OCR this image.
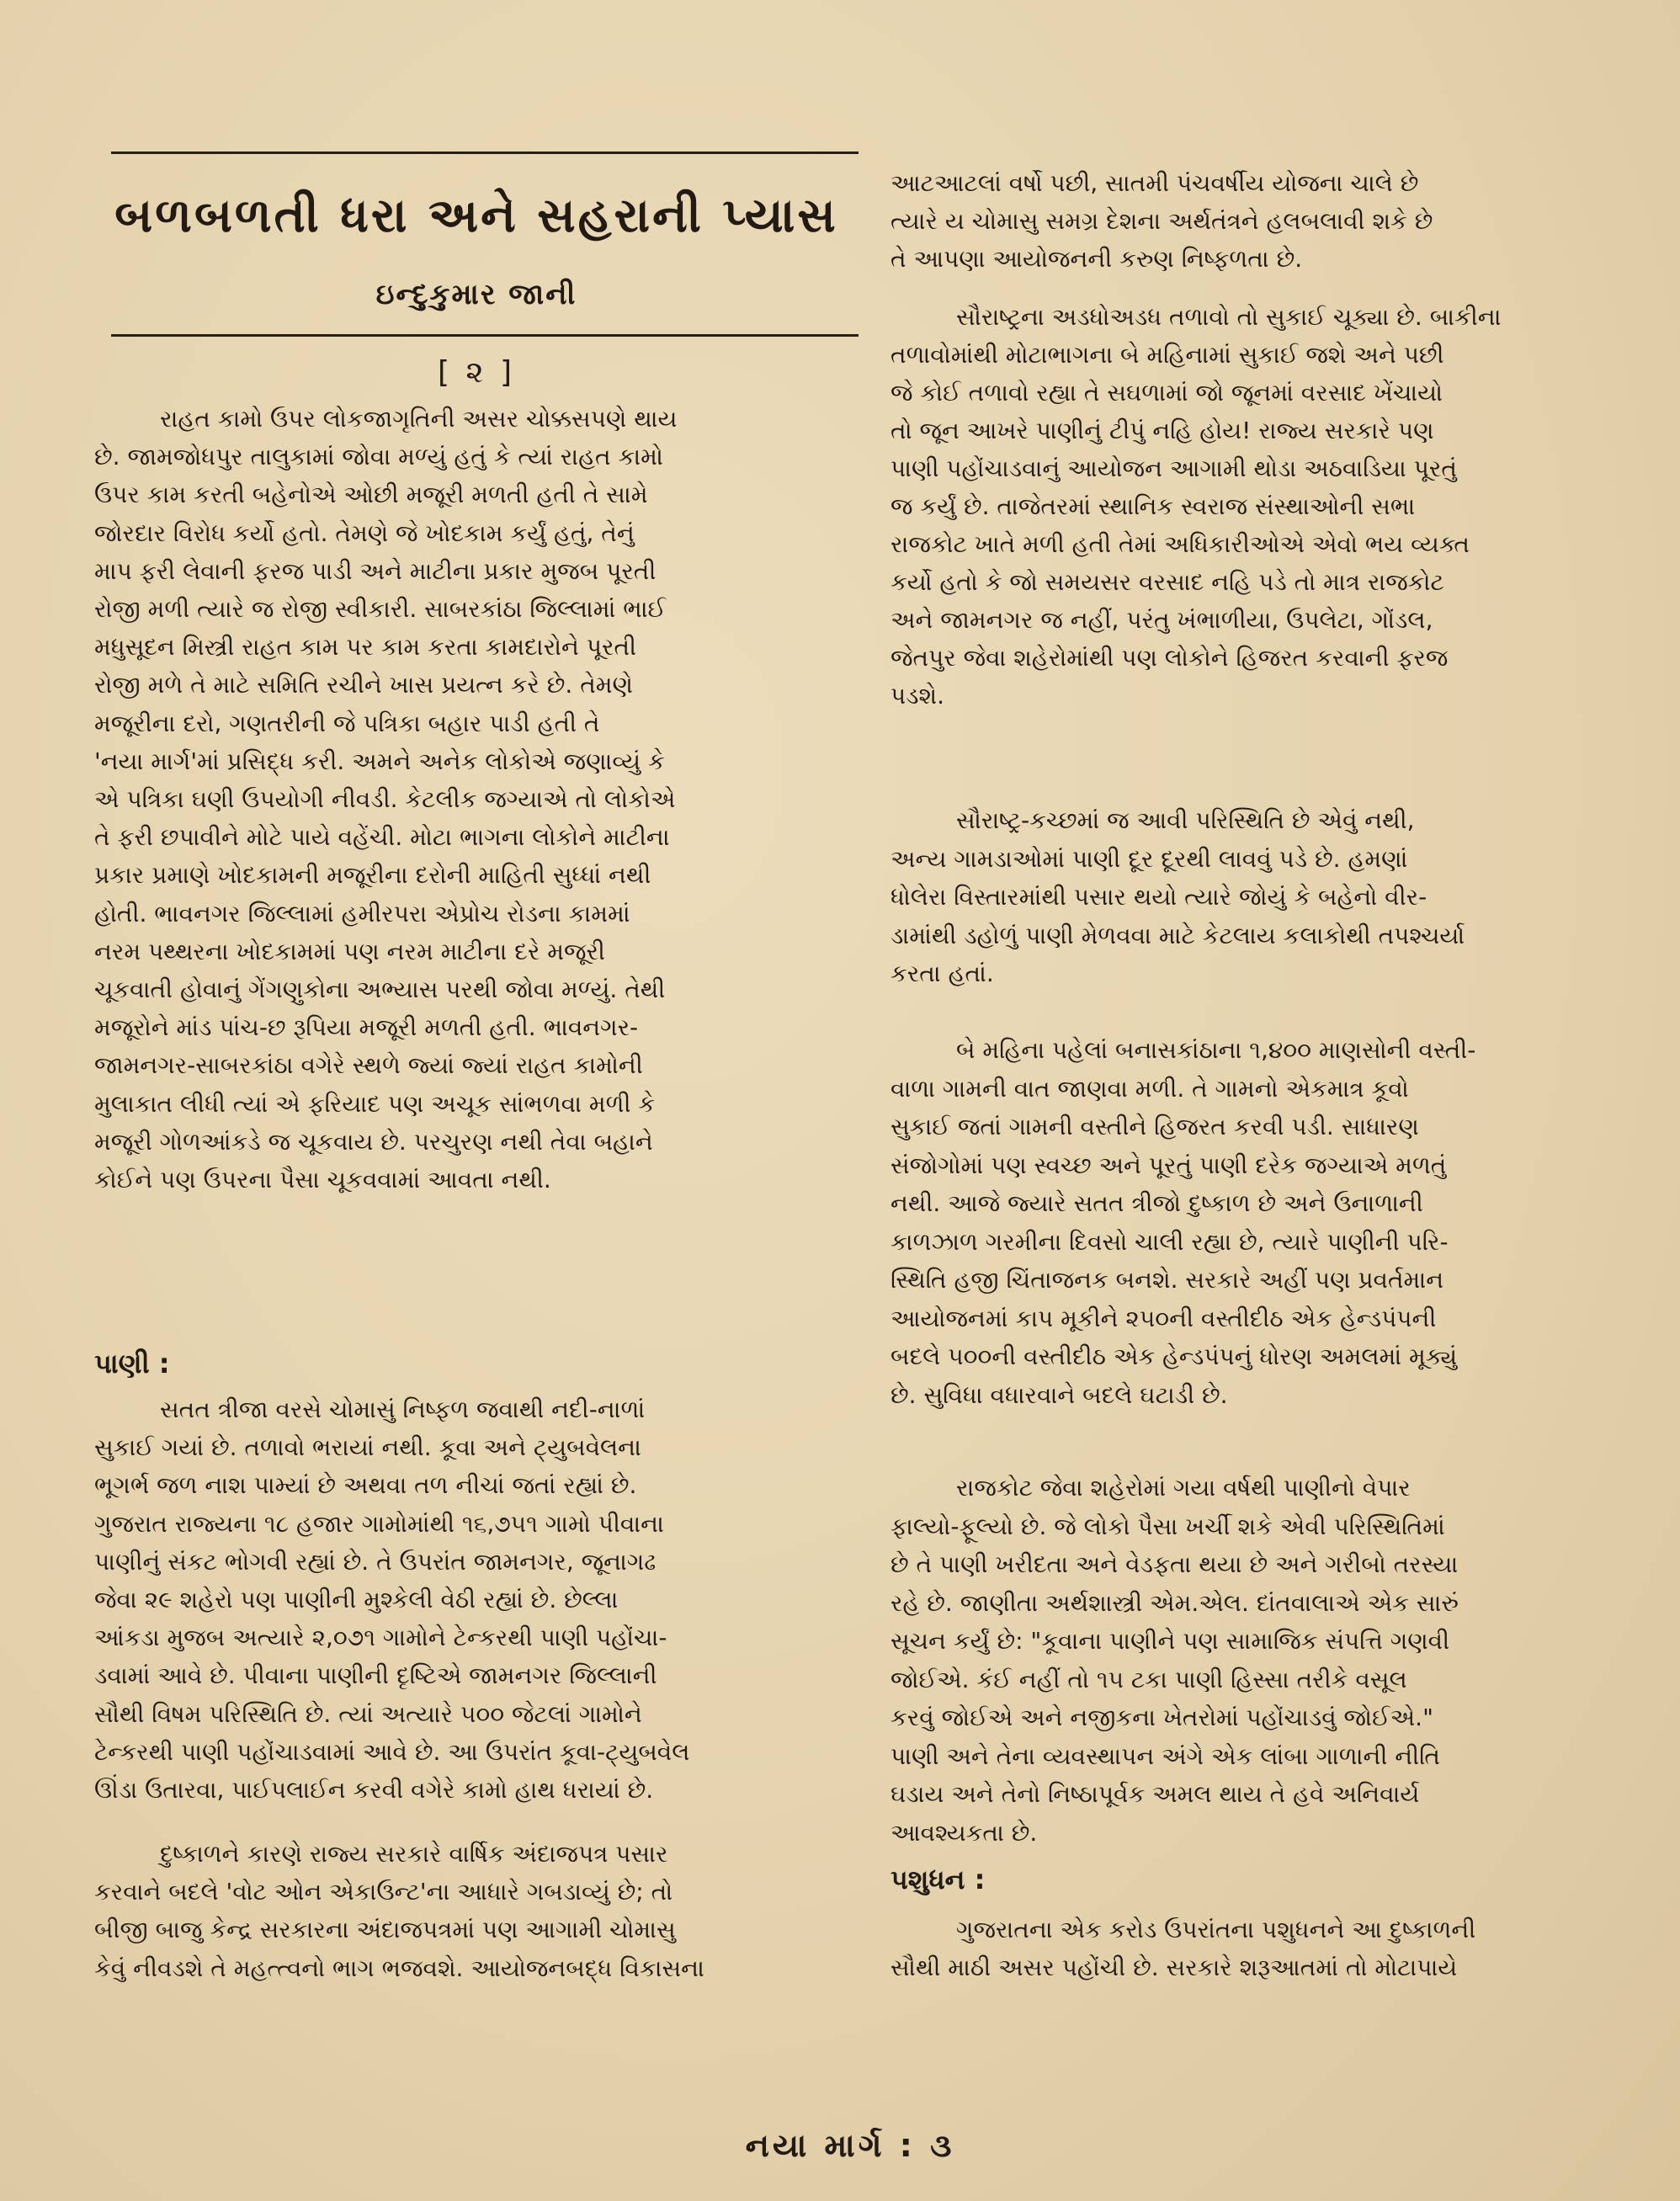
બળબળતી ધરા અને સહરાની પ્યાસ
ઇન્દુકુમાર જાની
[ ૨ ]
રાહત કામો ઉપર લોકજાગૃતિની અસર ચોક્કસપણે થાય
છે. જામજોધપુર તાલુકામાં જોવા મળ્યું હતું કે ત્યાં રાહત કામો
ઉપર કામ કરતી બહેનોએ ઓછી મજૂરી મળતી હતી તે સામે
જોરદાર વિરોધ કર્યો હતો. તેમણે જે ખોદકામ કર્યું હતું, તેનું
માપ ફરી લેવાની ફરજ પાડી અને માટીના પ્રકાર મુજબ પૂરતી
રોજી મળી ત્યારે જ રોજી સ્વીકારી. સાબરકાંઠા જિલ્લામાં ભાઈ
મધુસૂદન મિસ્ત્રી રાહત કામ પર કામ કરતા કામદારોને પૂરતી
રોજી મળે તે માટે સમિતિ રચીને ખાસ પ્રયત્ન કરે છે. તેમણે
મજૂરીના દરો, ગણતરીની જે પત્રિકા બહાર પાડી હતી તે
'નયા માર્ગ'માં પ્રસિદ્ધ કરી. અમને અનેક લોકોએ જણાવ્યું કે
એ પત્રિકા ઘણી ઉપયોગી નીવડી. કેટલીક જગ્યાએ તો લોકોએ
તે ફરી છપાવીને મોટે પાયે વહેંચી. મોટા ભાગના લોકોને માટીના
પ્રકાર પ્રમાણે ખોદકામની મજૂરીના દરોની માહિતી સુધ્ધાં નથી
હોતી. ભાવનગર જિલ્લામાં હમીરપરા એપ્રોચ રોડના કામમાં
નરમ પથ્થરના ખોદકામમાં પણ નરમ માટીના દરે મજૂરી
ચૂકવાતી હોવાનું ગેંગણુકોના અભ્યાસ પરથી જોવા મળ્યું. તેથી
મજૂરોને માંડ પાંચ-છ રૂપિયા મજૂરી મળતી હતી. ભાવનગર-
જામનગર-સાબરકાંઠા વગેરે સ્થળે જ્યાં જ્યાં રાહત કામોની
મુલાકાત લીધી ત્યાં એ ફરિયાદ પણ અચૂક સાંભળવા મળી કે
મજૂરી ગોળઆંકડે જ ચૂકવાય છે. પરચુરણ નથી તેવા બહાને
કોઈને પણ ઉપરના પૈસા ચૂકવવામાં આવતા નથી.
પાણી :
સતત ત્રીજા વરસે ચોમાસું નિષ્ફળ જવાથી નદી-નાળાં
સુકાઈ ગયાં છે. તળાવો ભરાયાં નથી. કૂવા અને ટ્યુબવેલના
ભૂગર્ભ જળ નાશ પામ્યાં છે અથવા તળ નીચાં જતાં રહ્યાં છે.
ગુજરાત રાજ્યના ૧૮ હજાર ગામોમાંથી ૧૬,૭૫૧ ગામો પીવાના
પાણીનું સંકટ ભોગવી રહ્યાં છે. તે ઉપરાંત જામનગર, જૂનાગઢ
જેવા ૨૯ શહેરો પણ પાણીની મુશ્કેલી વેઠી રહ્યાં છે. છેલ્લા
આંકડા મુજબ અત્યારે ૨,૦૭૧ ગામોને ટેન્કરથી પાણી પહોંચા-
ડવામાં આવે છે. પીવાના પાણીની દૃષ્ટિએ જામનગર જિલ્લાની
સૌથી વિષમ પરિસ્થિતિ છે. ત્યાં અત્યારે ૫૦૦ જેટલાં ગામોને
ટેન્કરથી પાણી પહોંચાડવામાં આવે છે. આ ઉપરાંત કૂવા-ટ્યુબવેલ
ઊંડા ઉતારવા, પાઈપલાઈન કરવી વગેરે કામો હાથ ધરાયાં છે.
દુષ્કાળને કારણે રાજ્ય સરકારે વાર્ષિક અંદાજપત્ર પસાર
કરવાને બદલે 'વોટ ઓન એકાઉન્ટ'ના આધારે ગબડાવ્યું છે; તો
બીજી બાજુ કેન્દ્ર સરકારના અંદાજપત્રમાં પણ આગામી ચોમાસુ
કેવું નીવડશે તે મહત્ત્વનો ભાગ ભજવશે. આયોજનબદ્ધ વિકાસના
આટઆટલાં વર્ષો પછી, સાતમી પંચવર્ષીય યોજના ચાલે છે
ત્યારે ય ચોમાસુ સમગ્ર દેશના અર્થતંત્રને હલબલાવી શકે છે
તે આપણા આયોજનની કરુણ નિષ્ફળતા છે.
સૌરાષ્ટ્રના અડધોઅડધ તળાવો તો સુકાઈ ચૂક્યા છે. બાકીના
તળાવોમાંથી મોટાભાગના બે મહિનામાં સુકાઈ જશે અને પછી
જે કોઈ તળાવો રહ્યા તે સઘળામાં જો જૂનમાં વરસાદ ખેંચાયો
તો જૂન આખરે પાણીનું ટીપું નહિ હોય! રાજ્ય સરકારે પણ
પાણી પહોંચાડવાનું આયોજન આગામી થોડા અઠવાડિયા પૂરતું
જ કર્યું છે. તાજેતરમાં સ્થાનિક સ્વરાજ સંસ્થાઓની સભા
રાજકોટ ખાતે મળી હતી તેમાં અધિકારીઓએ એવો ભય વ્યક્ત
કર્યો હતો કે જો સમયસર વરસાદ નહિ પડે તો માત્ર રાજકોટ
અને જામનગર જ નહીં, પરંતુ ખંભાળીયા, ઉપલેટા, ગોંડલ,
જેતપુર જેવા શહેરોમાંથી પણ લોકોને હિજરત કરવાની ફરજ
પડશે.
સૌરાષ્ટ્ર-કચ્છમાં જ આવી પરિસ્થિતિ છે એવું નથી,
અન્ય ગામડાઓમાં પાણી દૂર દૂરથી લાવવું પડે છે. હમણાં
ધોલેરા વિસ્તારમાંથી પસાર થયો ત્યારે જોયું કે બહેનો વીર-
ડામાંથી ડહોળું પાણી મેળવવા માટે કેટલાય કલાકોથી તપશ્ચર્યા
કરતા હતાં.
બે મહિના પહેલાં બનાસકાંઠાના ૧,૪૦૦ માણસોની વસ્તી-
વાળા ગામની વાત જાણવા મળી. તે ગામનો એકમાત્ર કૂવો
સુકાઈ જતાં ગામની વસ્તીને હિજરત કરવી પડી. સાધારણ
સંજોગોમાં પણ સ્વચ્છ અને પૂરતું પાણી દરેક જગ્યાએ મળતું
નથી. આજે જ્યારે સતત ત્રીજો દુષ્કાળ છે અને ઉનાળાની
કાળઝાળ ગરમીના દિવસો ચાલી રહ્યા છે, ત્યારે પાણીની પરિ-
સ્થિતિ હજી ચિંતાજનક બનશે. સરકારે અહીં પણ પ્રવર્તમાન
આયોજનમાં કાપ મૂકીને ૨૫૦ની વસ્તીદીઠ એક હેન્ડપંપની
બદલે ૫૦૦ની વસ્તીદીઠ એક હેન્ડપંપનું ધોરણ અમલમાં મૂક્યું
છે. સુવિધા વધારવાને બદલે ઘટાડી છે.
રાજકોટ જેવા શહેરોમાં ગયા વર્ષથી પાણીનો વેપાર
ફાલ્યો-ફૂલ્યો છે. જે લોકો પૈસા ખર્ચી શકે એવી પરિસ્થિતિમાં
છે તે પાણી ખરીદતા અને વેડફતા થયા છે અને ગરીબો તરસ્યા
રહે છે. જાણીતા અર્થશાસ્ત્રી એમ.એલ. દાંતવાલાએ એક સારું
સૂચન કર્યું છે: "કૂવાના પાણીને પણ સામાજિક સંપત્તિ ગણવી
જોઈએ. કંઈ નહીં તો ૧૫ ટકા પાણી હિસ્સા તરીકે વસૂલ
કરવું જોઈએ અને નજીકના ખેતરોમાં પહોંચાડવું જોઈએ."
પાણી અને તેના વ્યવસ્થાપન અંગે એક લાંબા ગાળાની નીતિ
ઘડાય અને તેનો નિષ્ઠાપૂર્વક અમલ થાય તે હવે અનિવાર્ય
આવશ્યકતા છે.
પશુધન :
ગુજરાતના એક કરોડ ઉપરાંતના પશુધનને આ દુષ્કાળની
સૌથી માઠી અસર પહોંચી છે. સરકારે શરૂઆતમાં તો મોટાપાયે
નયા માર્ગ : ૩
